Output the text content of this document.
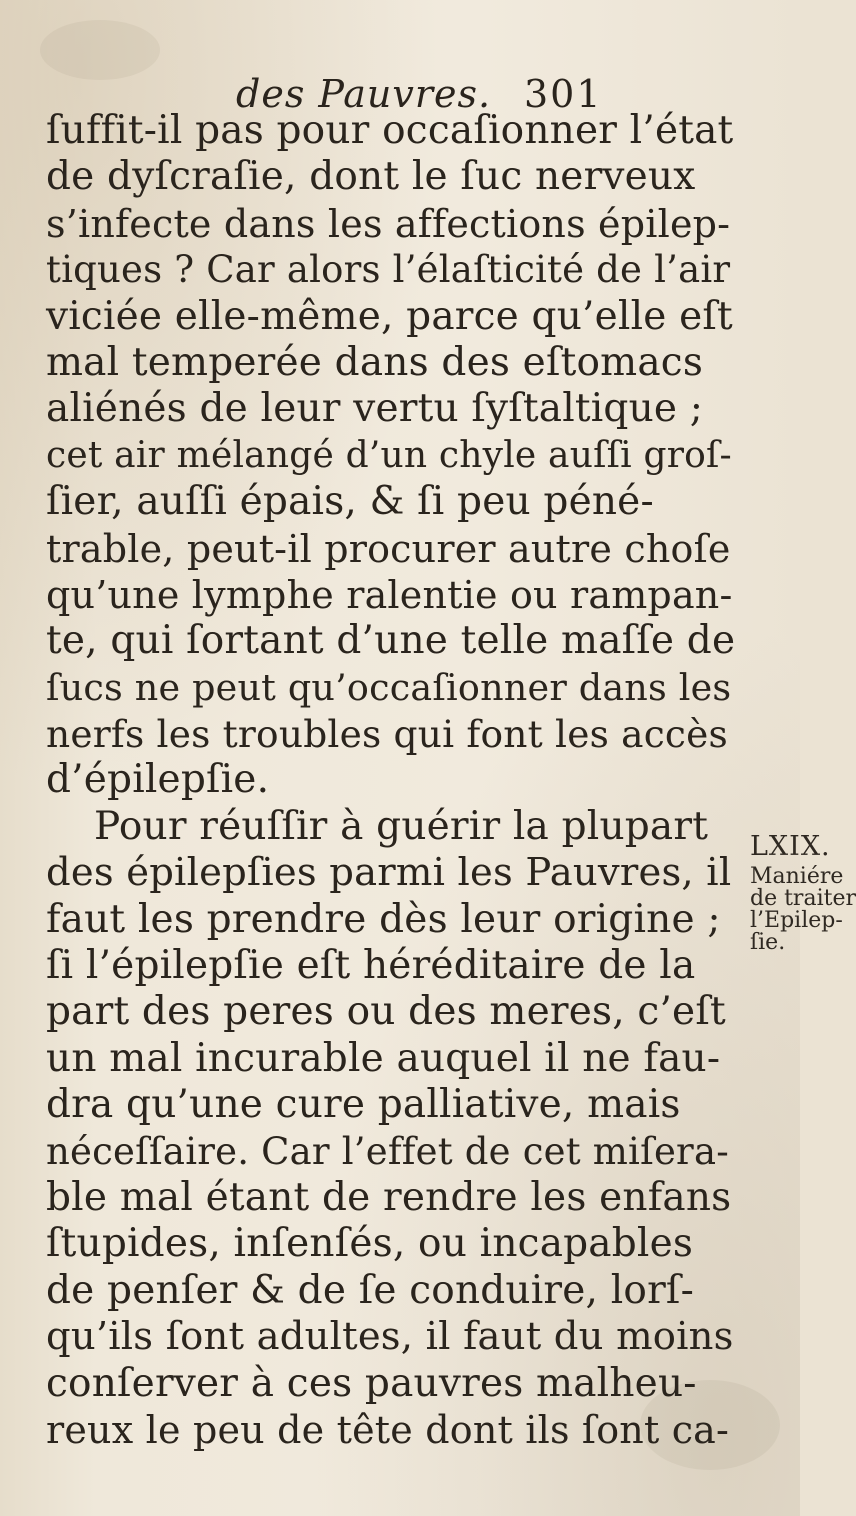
des Pauvres. 301
ſuffit-il pas pour occaſionner l’état
de dyſcraſie, dont le ſuc nerveux
s’infecte dans les affections épilep-
tiques ? Car alors l’élaſticité de l’air
viciée elle-même, parce qu’elle eſt
mal temperée dans des eſtomacs
aliénés de leur vertu ſyſtaltique ;
cet air mélangé d’un chyle auſſi groſ-
ſier, auſſi épais, & ſi peu péné-
trable, peut-il procurer autre choſe
qu’une lymphe ralentie ou rampan-
te, qui ſortant d’une telle maſſe de
ſucs ne peut qu’occaſionner dans les
nerfs les troubles qui font les accès
d’épilepſie.
Pour réuſſir à guérir la plupart
des épilepſies parmi les Pauvres, il
faut les prendre dès leur origine ;
ſi l’épilepſie eſt héréditaire de la
part des peres ou des meres, c’eſt
un mal incurable auquel il ne fau-
dra qu’une cure palliative, mais
néceſſaire. Car l’effet de cet miſera-
ble mal étant de rendre les enfans
ſtupides, inſenſés, ou incapables
de penſer & de ſe conduire, lorſ-
qu’ils ſont adultes, il faut du moins
conſerver à ces pauvres malheu-
reux le peu de tête dont ils ſont ca-
LXIX.
Maniére
de traiter
l’Epilep-
ſie.
